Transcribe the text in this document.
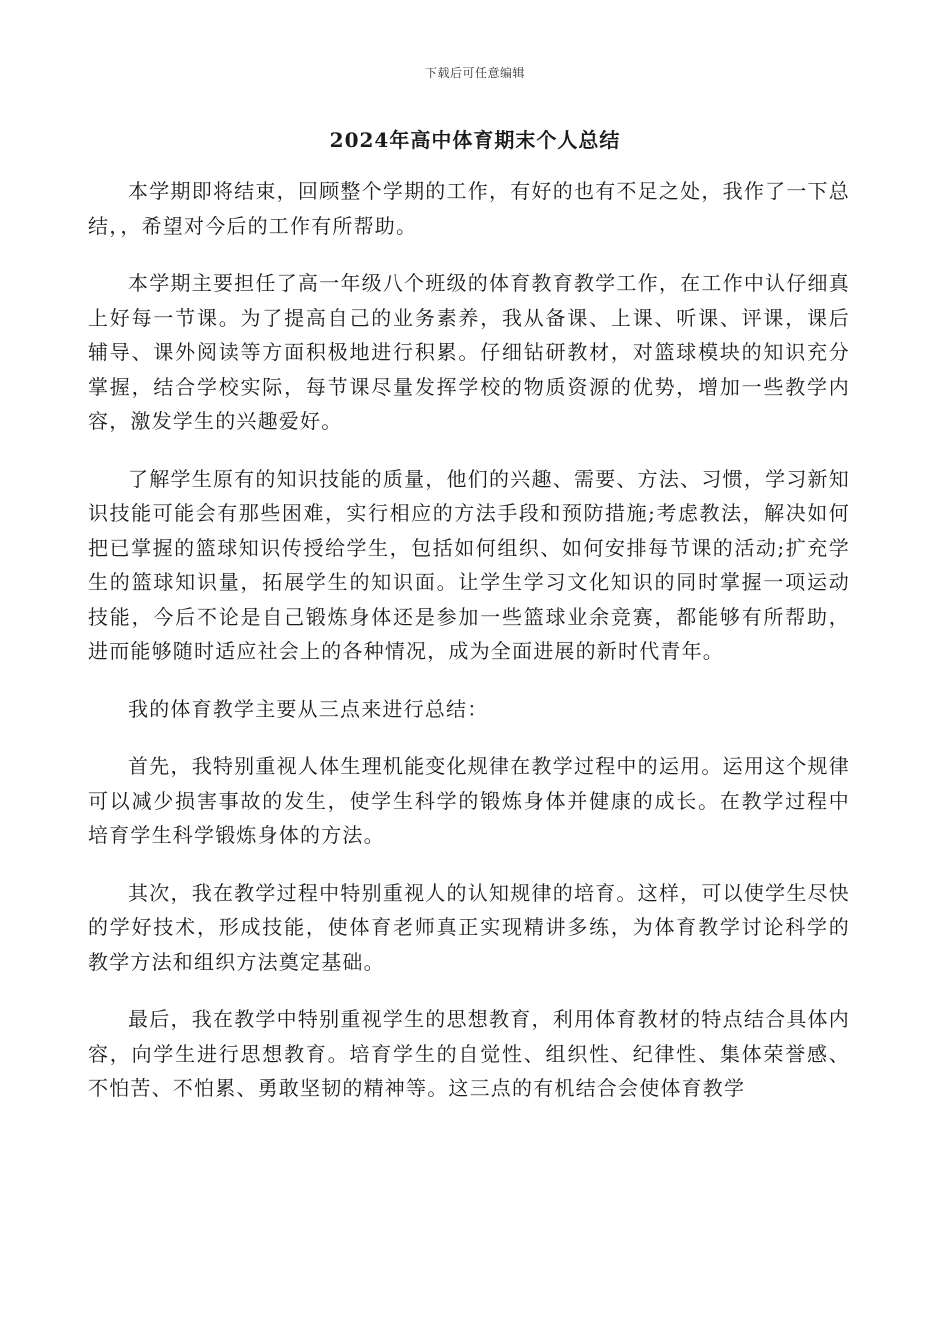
下载后可任意编辑
2024年高中体育期末个人总结

本学期即将结束，回顾整个学期的工作，有好的也有不足之处，我作了一下总结，，希望对今后的工作有所帮助。

本学期主要担任了高一年级八个班级的体育教育教学工作，在工作中认仔细真上好每一节课。为了提高自己的业务素养，我从备课、上课、听课、评课，课后辅导、课外阅读等方面积极地进行积累。仔细钻研教材，对篮球模块的知识充分掌握，结合学校实际，每节课尽量发挥学校的物质资源的优势，增加一些教学内容，激发学生的兴趣爱好。

了解学生原有的知识技能的质量，他们的兴趣、需要、方法、习惯，学习新知识技能可能会有那些困难，实行相应的方法手段和预防措施;考虑教法，解决如何把已掌握的篮球知识传授给学生，包括如何组织、如何安排每节课的活动;扩充学生的篮球知识量，拓展学生的知识面。让学生学习文化知识的同时掌握一项运动技能，今后不论是自己锻炼身体还是参加一些篮球业余竞赛，都能够有所帮助，进而能够随时适应社会上的各种情况，成为全面进展的新时代青年。

我的体育教学主要从三点来进行总结：

首先，我特别重视人体生理机能变化规律在教学过程中的运用。运用这个规律可以减少损害事故的发生，使学生科学的锻炼身体并健康的成长。在教学过程中培育学生科学锻炼身体的方法。

其次，我在教学过程中特别重视人的认知规律的培育。这样，可以使学生尽快的学好技术，形成技能，使体育老师真正实现精讲多练，为体育教学讨论科学的教学方法和组织方法奠定基础。

最后，我在教学中特别重视学生的思想教育，利用体育教材的特点结合具体内容，向学生进行思想教育。培育学生的自觉性、组织性、纪律性、集体荣誉感、不怕苦、不怕累、勇敢坚韧的精神等。这三点的有机结合会使体育教学
